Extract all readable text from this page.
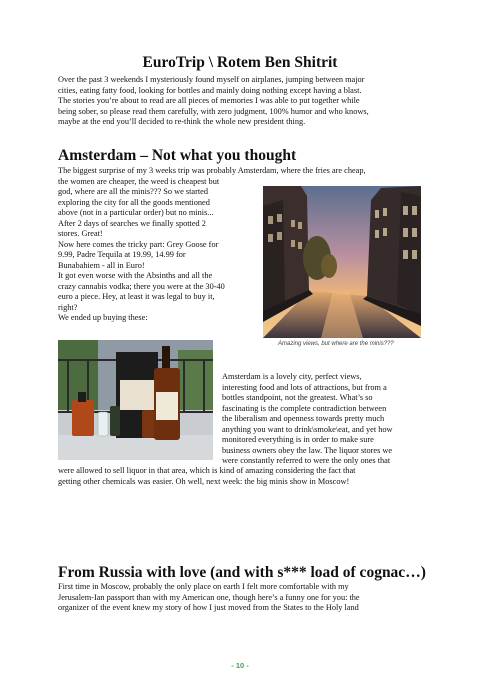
EuroTrip \ Rotem Ben Shitrit

Over the past 3 weekends I mysteriously found myself on airplanes, jumping between major
cities, eating fatty food, looking for bottles and mainly doing nothing except having a blast.
The stories you’re about to read are all pieces of memories I was able to put together while
being sober, so please read them carefully, with zero judgment, 100% humor and who knows,
maybe at the end you’ll decided to re-think the whole new president thing.

Amsterdam – Not what you thought

The biggest surprise of my 3 weeks trip was probably Amsterdam, where the fries are cheap,
the women are cheaper, the weed is cheapest but

god, where are all the minis??? So we started
exploring the city for all the goods mentioned
above (not in a particular order) but no minis...
After 2 days of searches we finally spotted 2
stores. Great!
Now here comes the tricky part: Grey Goose for
9.99, Padre Tequila at 19.99, 14.99 for
Bunabahiem - all in Euro!
It got even worse with the Absinths and all the
crazy cannabis vodka; there you were at the 30-40
euro a piece. Hey, at least it was legal to buy it,
right?
We ended up buying these:

Amazing views, but where are the minis???

Amsterdam is a lovely city, perfect views,
interesting food and lots of attractions, but from a
bottles standpoint, not the greatest. What’s so
fascinating is the complete contradiction between
the liberalism and openness towards pretty much
anything you want to drink\smoke\eat, and yet how
monitored everything is in order to make sure
business owners obey the law. The liquor stores we
were constantly referred to were the only ones that

were allowed to sell liquor in that area, which is kind of amazing considering the fact that
getting other chemicals was easier. Oh well, next week: the big minis show in Moscow!

From Russia with love (and with s*** load of cognac…)

First time in Moscow, probably the only place on earth I felt more comfortable with my
Jerusalem-Ian passport than with my American one, though here’s a funny one for you: the
organizer of the event knew my story of how I just moved from the States to the Holy land

- 10 -
